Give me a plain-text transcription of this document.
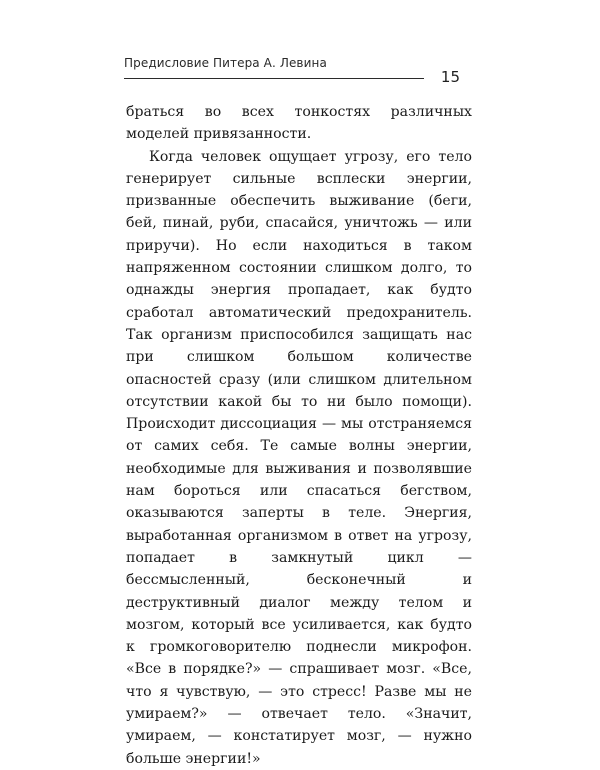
Предисловие Питера А. Левина
15

браться во всех тонкостях различных моделей привязанности.

Когда человек ощущает угрозу, его тело генерирует сильные всплески энергии, призванные обеспечить выживание (беги, бей, пинай, руби, спасайся, уничтожь — или приручи). Но если находиться в таком напряженном состоянии слишком долго, то однажды энергия пропадает, как будто сработал автоматический предохранитель. Так организм приспособился защищать нас при слишком большом количестве опасностей сразу (или слишком длительном отсутствии какой бы то ни было помощи). Происходит диссоциация — мы отстраняемся от самих себя. Те самые волны энергии, необходимые для выживания и позволявшие нам бороться или спасаться бегством, оказываются заперты в теле. Энергия, выработанная организмом в ответ на угрозу, попадает в замкнутый цикл — бессмысленный, бесконечный и деструктивный диалог между телом и мозгом, который все усиливается, как будто к громкоговорителю поднесли микрофон. «Все в порядке?» — спрашивает мозг. «Все, что я чувствую, — это стресс! Разве мы не умираем?» — отвечает тело. «Значит, умираем, — констатирует мозг, — нужно больше энергии!»
